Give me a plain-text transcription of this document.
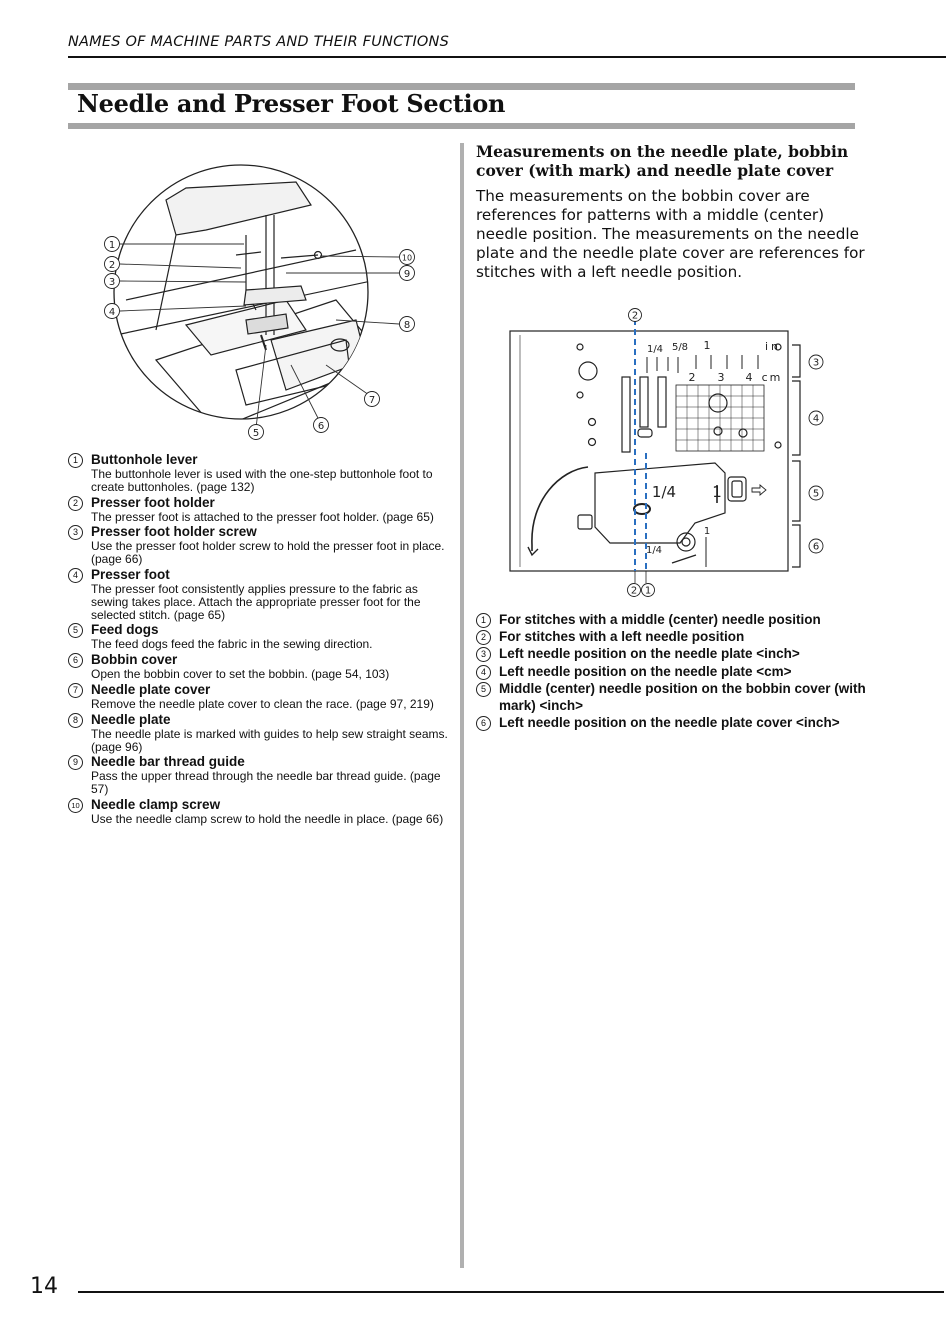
NAMES OF MACHINE PARTS AND THEIR FUNCTIONS
Needle and Presser Foot Section
1
2
3
4
5
6
7
8
9
10
1 Buttonhole lever
The buttonhole lever is used with the one-step buttonhole foot to create buttonholes. (page 132)
2 Presser foot holder
The presser foot is attached to the presser foot holder. (page 65)
3 Presser foot holder screw
Use the presser foot holder screw to hold the presser foot in place. (page 66)
4 Presser foot
The presser foot consistently applies pressure to the fabric as sewing takes place. Attach the appropriate presser foot for the selected stitch. (page 65)
5 Feed dogs
The feed dogs feed the fabric in the sewing direction.
6 Bobbin cover
Open the bobbin cover to set the bobbin. (page 54, 103)
7 Needle plate cover
Remove the needle plate cover to clean the race. (page 97, 219)
8 Needle plate
The needle plate is marked with guides to help sew straight seams. (page 96)
9 Needle bar thread guide
Pass the upper thread through the needle bar thread guide. (page 57)
10 Needle clamp screw
Use the needle clamp screw to hold the needle in place. (page 66)
Measurements on the needle plate, bobbin cover (with mark) and needle plate cover
The measurements on the bobbin cover are references for patterns with a middle (center) needle position. The measurements on the needle plate and the needle plate cover are references for stitches with a left needle position.
1/4 5/8 1	in
2 3 4 cm
1/4 1
1
1/4
2
2 1
3
4
5
6
1 For stitches with a middle (center) needle position
2 For stitches with a left needle position
3 Left needle position on the needle plate <inch>
4 Left needle position on the needle plate <cm>
5 Middle (center) needle position on the bobbin cover (with mark) <inch>
6 Left needle position on the needle plate cover <inch>
14
